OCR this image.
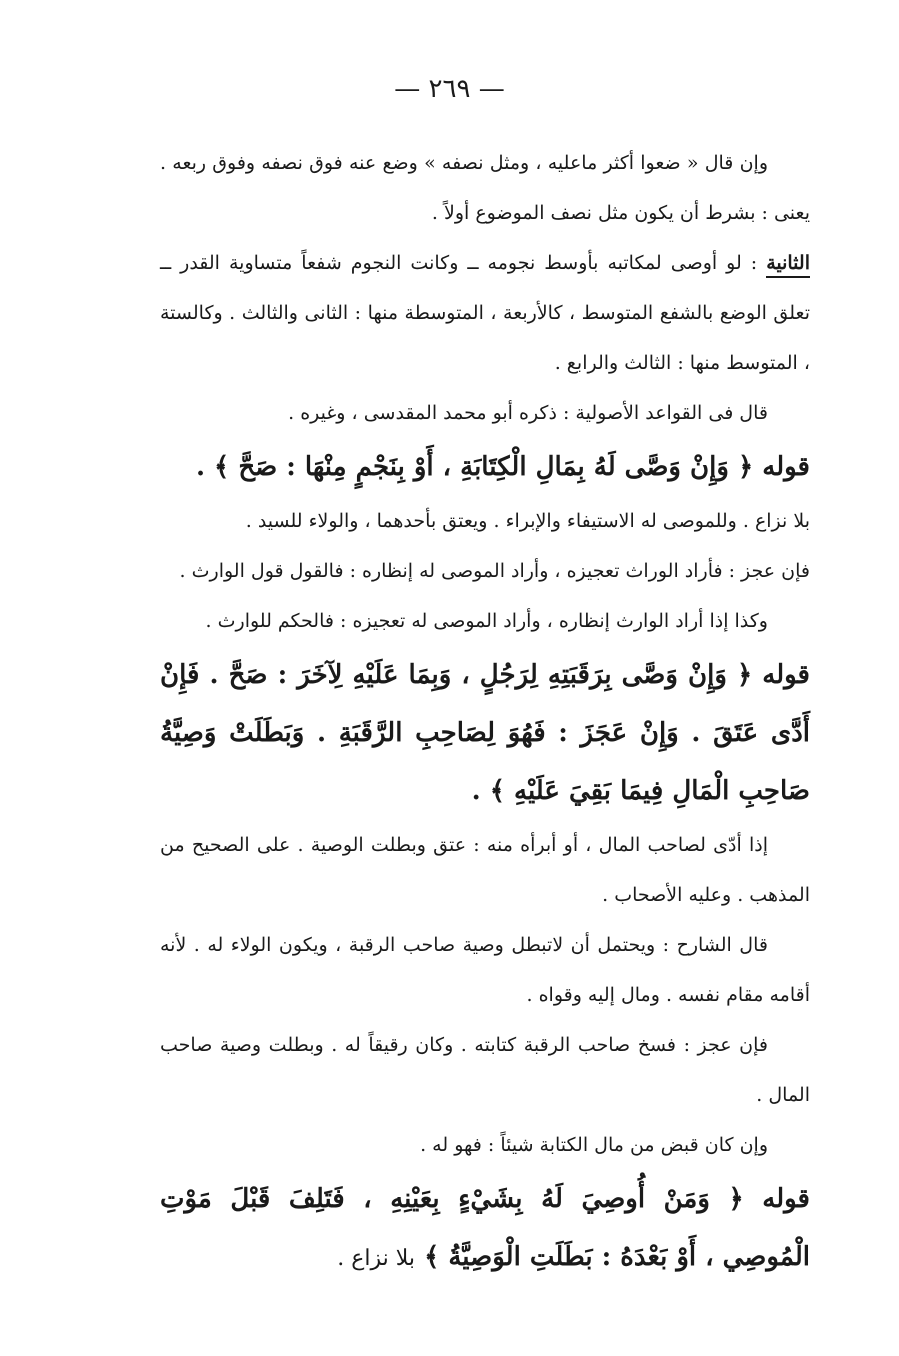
— ٢٦٩ —

وإن قال « ضعوا أكثر ماعليه ، ومثل نصفه » وضع عنه فوق نصفه وفوق ربعه . يعنى : بشرط أن يكون مثل نصف الموضوع أولاً .

الثانية : لو أوصى لمكاتبه بأوسط نجومه ــ وكانت النجوم شفعاً متساوية القدر ــ تعلق الوضع بالشفع المتوسط ، كالأربعة ، المتوسطة منها : الثانى والثالث . وكالستة ، المتوسط منها : الثالث والرابع .

قال فى القواعد الأصولية : ذكره أبو محمد المقدسى ، وغيره .

قوله ﴿ وَإِنْ وَصَّى لَهُ بِمَالِ الْكِتَابَةِ ، أَوْ بِنَجْمٍ مِنْهَا : صَحَّ ﴾ .

بلا نزاع . وللموصى له الاستيفاء والإبراء . ويعتق بأحدهما ، والولاء للسيد .

فإن عجز : فأراد الوراث تعجيزه ، وأراد الموصى له إنظاره : فالقول قول الوارث .

وكذا إذا أراد الوارث إنظاره ، وأراد الموصى له تعجيزه : فالحكم للوارث .

قوله ﴿ وَإِنْ وَصَّى بِرَقَبَتِهِ لِرَجُلٍ ، وَبِمَا عَلَيْهِ لِآخَرَ : صَحَّ . فَإِنْ أَدَّى عَتَقَ . وَإِنْ عَجَزَ : فَهُوَ لِصَاحِبِ الرَّقَبَةِ . وَبَطَلَتْ وَصِيَّةُ صَاحِبِ الْمَالِ فِيمَا بَقِيَ عَلَيْهِ ﴾ .

إذا أدّى لصاحب المال ، أو أبرأه منه : عتق وبطلت الوصية . على الصحيح من المذهب . وعليه الأصحاب .

قال الشارح : ويحتمل أن لاتبطل وصية صاحب الرقبة ، ويكون الولاء له . لأنه أقامه مقام نفسه . ومال إليه وقواه .

فإن عجز : فسخ صاحب الرقبة كتابته . وكان رقيقاً له . وبطلت وصية صاحب المال .

وإن كان قبض من مال الكتابة شيئاً : فهو له .

قوله ﴿ وَمَنْ أُوصِيَ لَهُ بِشَيْءٍ بِعَيْنِهِ ، فَتَلِفَ قَبْلَ مَوْتِ الْمُوصِي ، أَوْ بَعْدَهُ : بَطَلَتِ الْوَصِيَّةُ ﴾ بلا نزاع .
